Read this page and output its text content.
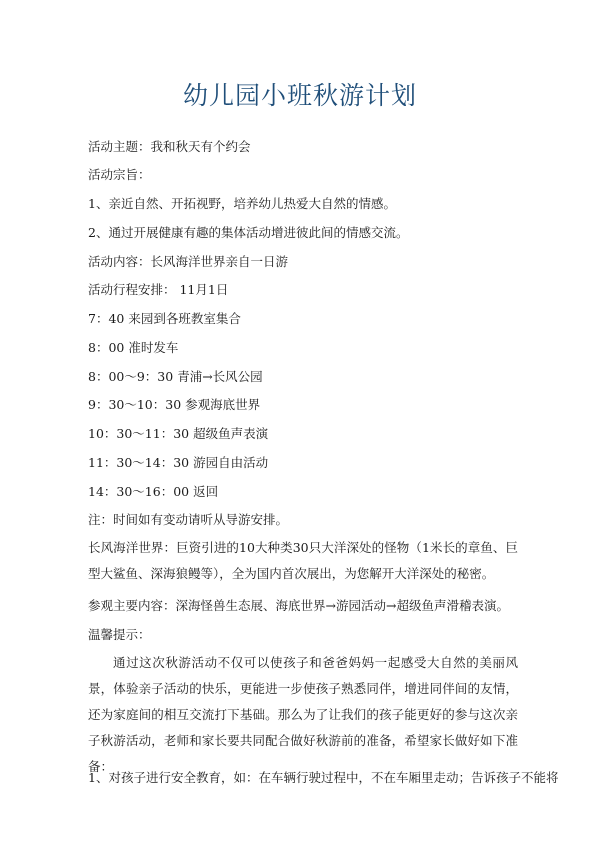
幼儿园小班秋游计划
活动主题：我和秋天有个约会
活动宗旨：
1、亲近自然、开拓视野，培养幼儿热爱大自然的情感。
2、通过开展健康有趣的集体活动增进彼此间的情感交流。
活动内容：长风海洋世界亲自一日游
活动行程安排： 11月1日
7：40 来园到各班教室集合
8：00 准时发车
8：00～9：30 青浦→长风公园
9：30～10：30 参观海底世界
10：30～11：30 超级鱼声表演
11：30～14：30 游园自由活动
14：30～16：00 返回
注：时间如有变动请听从导游安排。
长风海洋世界：巨资引进的10大种类30只大洋深处的怪物（1米长的章鱼、巨型大鲨鱼、深海狼鳗等），全为国内首次展出，为您解开大洋深处的秘密。
参观主要内容：深海怪兽生态展、海底世界→游园活动→超级鱼声滑稽表演。
温馨提示：
通过这次秋游活动不仅可以使孩子和爸爸妈妈一起感受大自然的美丽风景，体验亲子活动的快乐，更能进一步使孩子熟悉同伴，增进同伴间的友情，还为家庭间的相互交流打下基础。那么为了让我们的孩子能更好的参与这次亲子秋游活动，老师和家长要共同配合做好秋游前的准备，希望家长做好如下准备：
1、对孩子进行安全教育，如：在车辆行驶过程中，不在车厢里走动；告诉孩子不能将
